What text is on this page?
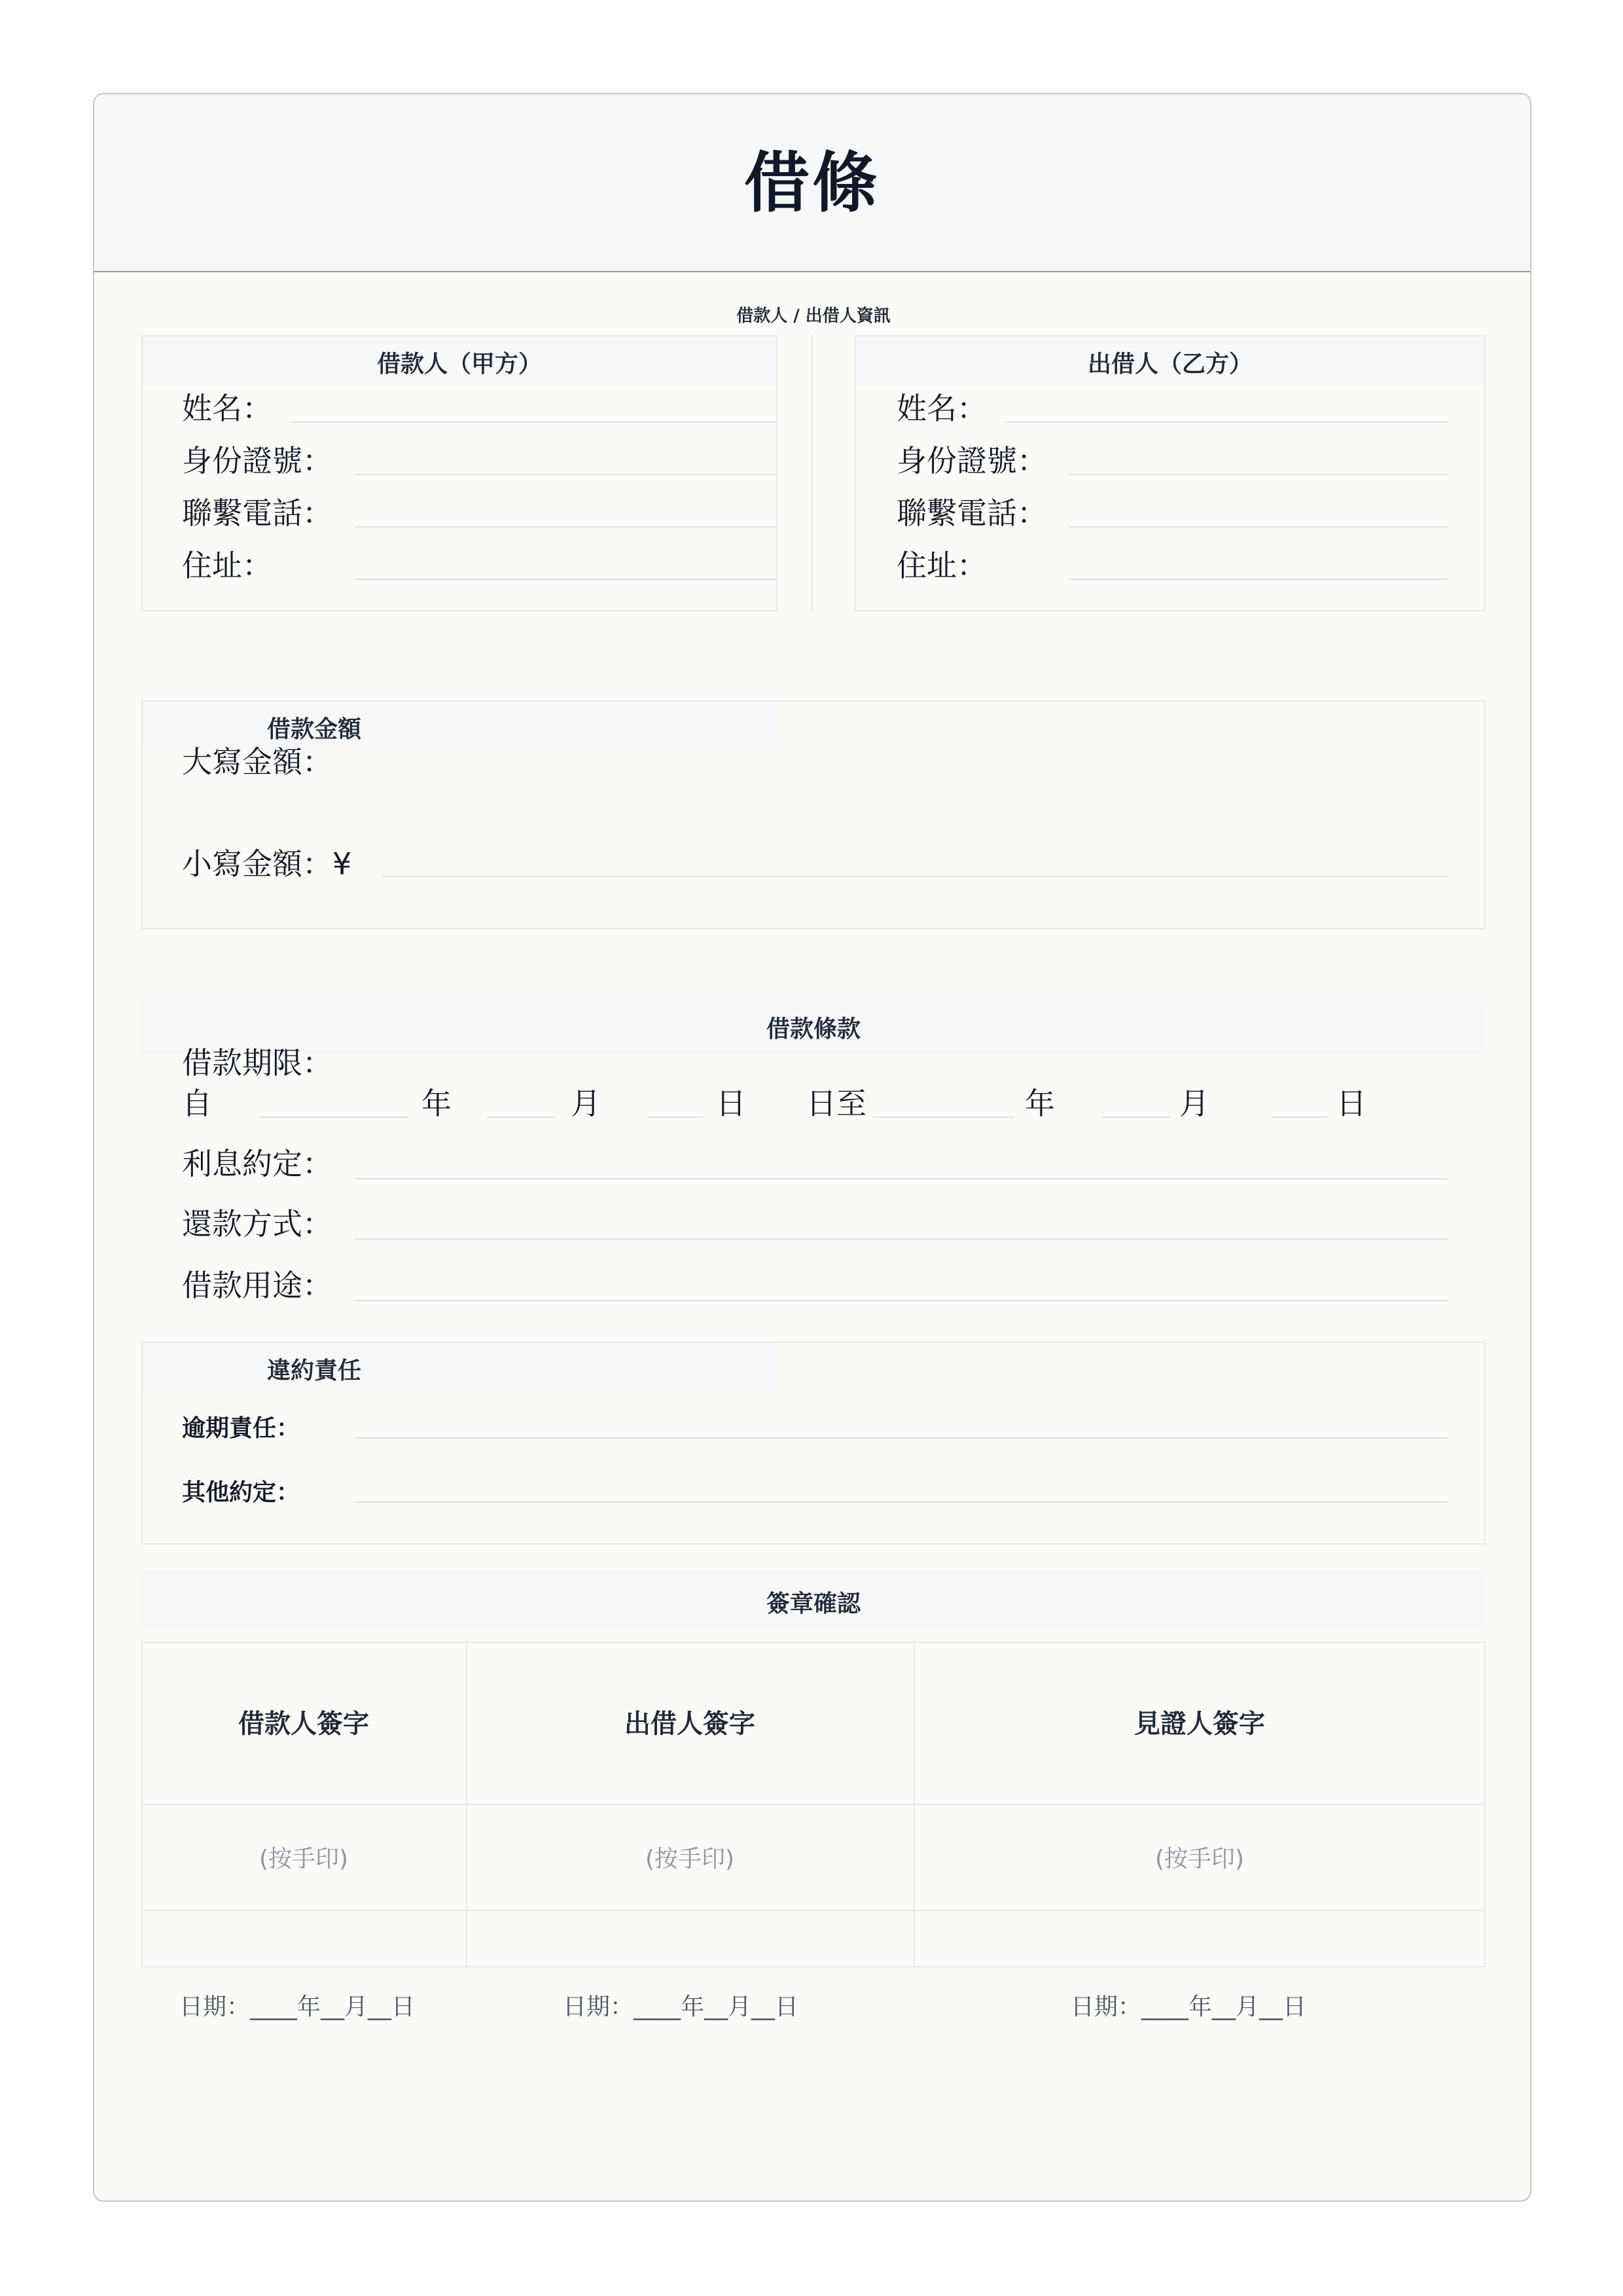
借條
借款人 / 出借人資訊
借款人（甲方）
姓名：
身份證號：
聯繫電話：
住址：
出借人（乙方）
姓名：
身份證號：
聯繫電話：
住址：
借款金額
大寫金額：
小寫金額：¥
借款條款
借款期限：
自	年	月	日 日至	年	月	日
利息約定：
還款方式：
借款用途：
違約責任
逾期責任：
其他約定：
簽章確認
借款人簽字	出借人簽字	見證人簽字
(按手印)	(按手印)	(按手印)
日期：____年__月__日	日期：____年__月__日	日期：____年__月__日
